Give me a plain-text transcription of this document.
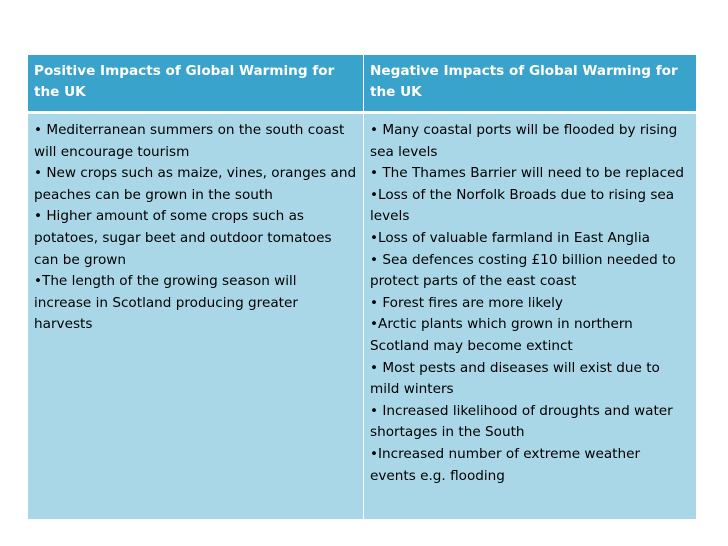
Positive Impacts of Global Warming for the UK
Negative Impacts of Global Warming for the UK
• Mediterranean summers on the south coast will encourage tourism
• New crops such as maize, vines, oranges and peaches can be grown in the south
• Higher amount of some crops such as potatoes, sugar beet and outdoor tomatoes can be grown
•The length of the growing season will increase in Scotland producing greater harvests
• Many coastal ports will be flooded by rising sea levels
• The Thames Barrier will need to be replaced
•Loss of the Norfolk Broads due to rising sea levels
•Loss of valuable farmland in East Anglia
• Sea defences costing £10 billion needed to protect parts of the east coast
• Forest fires are more likely
•Arctic plants which grown in northern Scotland may become extinct
• Most pests and diseases will exist due to mild winters
• Increased likelihood of droughts and water shortages in the South
•Increased number of extreme weather events e.g. flooding
